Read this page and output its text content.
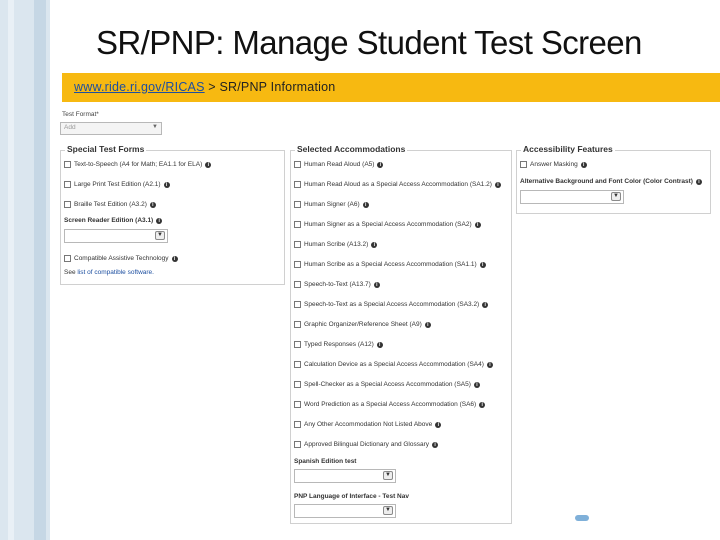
SR/PNP: Manage Student Test Screen
www.ride.ri.gov/RICAS > SR/PNP Information
Test Format*
Add	▼
Special Test Forms
Text-to-Speech (A4 for Math; EA1.1 for ELA)	i
Large Print Test Edition (A2.1)	i
Braille Test Edition (A3.2)	i
Screen Reader Edition (A3.1)	i
▼
Compatible Assistive Technology	i
See list of compatible software.
Selected Accommodations
Human Read Aloud (A5)	i
Human Read Aloud as a Special Access Accommodation (SA1.2)	i
Human Signer (A6)	i
Human Signer as a Special Access Accommodation (SA2)	i
Human Scribe (A13.2)	i
Human Scribe as a Special Access Accommodation (SA1.1)	i
Speech-to-Text (A13.7)	i
Speech-to-Text as a Special Access Accommodation (SA3.2)	i
Graphic Organizer/Reference Sheet (A9)	i
Typed Responses (A12)	i
Calculation Device as a Special Access Accommodation (SA4)	i
Spell-Checker as a Special Access Accommodation (SA5)	i
Word Prediction as a Special Access Accommodation (SA6)	i
Any Other Accommodation Not Listed Above	i
Approved Bilingual Dictionary and Glossary	i
Spanish Edition test
▼
PNP Language of Interface - Test Nav
▼
Accessibility Features
Answer Masking	i
Alternative Background and Font Color (Color Contrast)	i
▼
